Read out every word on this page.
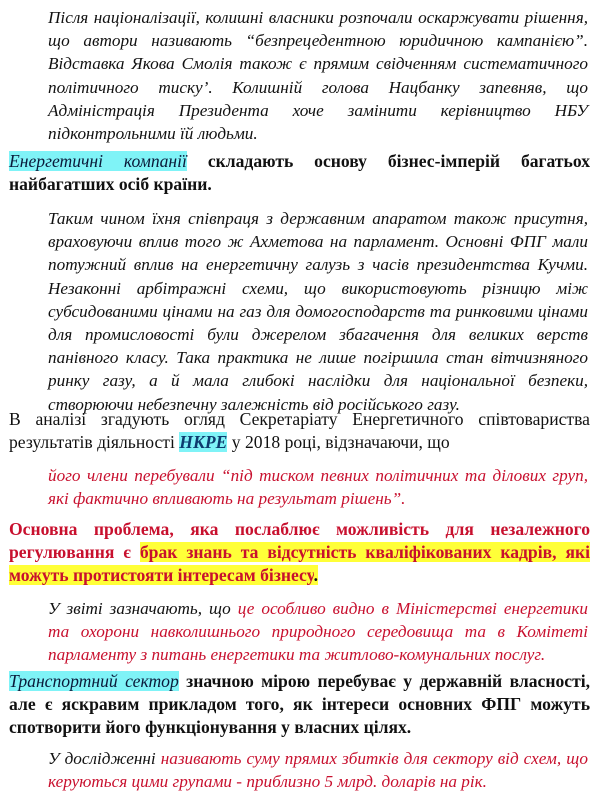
Після націоналізації, колишні власники розпочали оскаржувати рішення, що автори називають “безпрецедентною юридичною кампанією”. Відставка Якова Смолія також є прямим свідченням систематичного політичного тиску’. Колишній голова Нацбанку запевняв, що Адміністрація Президента хоче замінити керівництво НБУ підконтрольними їй людьми.

Енергетичні компанії складають основу бізнес-імперій багатьох найбагатших осіб країни.

Таким чином їхня співпраця з державним апаратом також присутня, враховуючи вплив того ж Ахметова на парламент. Основні ФПГ мали потужний вплив на енергетичну галузь з часів президентства Кучми. Незаконні арбітражні схеми, що використовують різницю між субсидованими цінами на газ для домогосподарств та ринковими цінами для промисловості були джерелом збагачення для великих верств панівного класу. Така практика не лише погіршила стан вітчизняного ринку газу, а й мала глибокі наслідки для національної безпеки, створюючи небезпечну залежність від російського газу.

В аналізі згадують огляд Секретаріату Енергетичного співтовариства результатів діяльності НКРЕ у 2018 році, відзначаючи, що

його члени перебували “під тиском певних політичних та ділових груп, які фактично впливають на результат рішень”.

Основна проблема, яка послаблює можливість для незалежного регулювання є брак знань та відсутність кваліфікованих кадрів, які можуть протистояти інтересам бізнесу.

У звіті зазначають, що це особливо видно в Міністерстві енергетики та охорони навколишнього природного середовища та в Комітеті парламенту з питань енергетики та житлово-комунальних послуг.

Транспортний сектор значною мірою перебуває у державній власності, але є яскравим прикладом того, як інтереси основних ФПГ можуть спотворити його функціонування у власних цілях.

У дослідженні називають суму прямих збитків для сектору від схем, що керуються цими групами - приблизно 5 млрд. доларів на рік.
